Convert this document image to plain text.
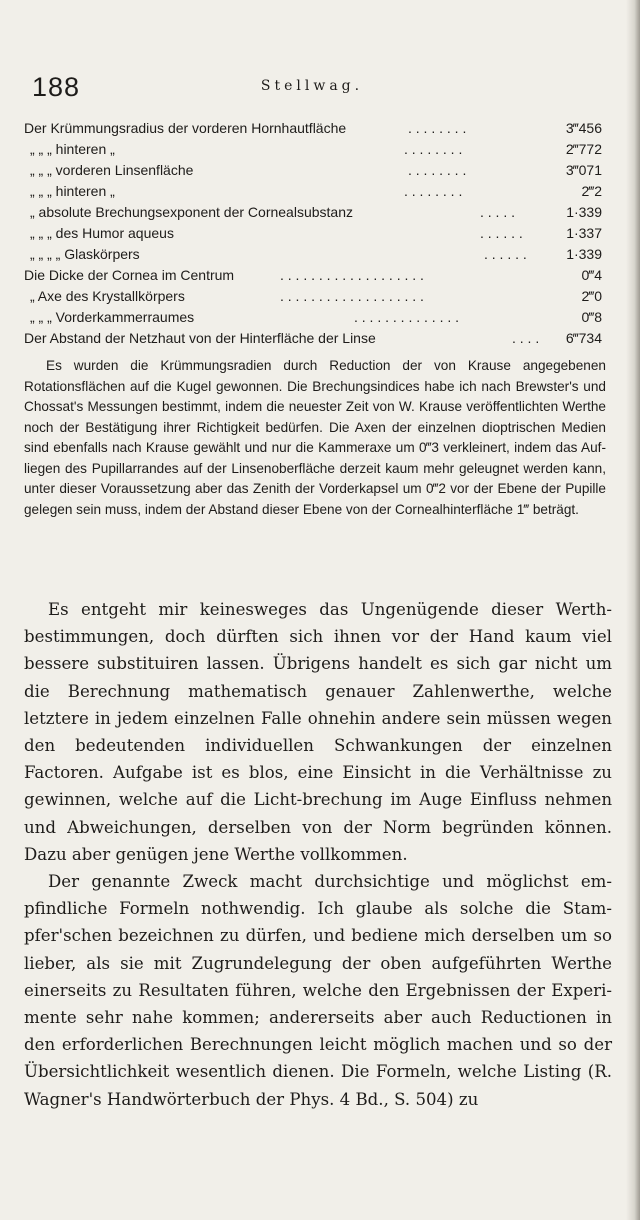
188	Stellwag.
Der Krümmungsradius der vorderen Hornhautfläche	. . . . . . . .	3‴456
„ „ „ hinteren „	. . . . . . . .	2‴772
„ „ „ vorderen Linsenfläche	. . . . . . . .	3‴071
„ „ „ hinteren „	. . . . . . . .	2‴2
„ absolute Brechungsexponent der Cornealsubstanz	. . . . .	1·339
„ „ „ des Humor aqueus	. . . . . .	1·337
„ „ „ „ Glaskörpers	. . . . . .	1·339
Die Dicke der Cornea im Centrum	. . . . . . . . . . . . . . . . . . .	0‴4
„ Axe des Krystallkörpers	. . . . . . . . . . . . . . . . . . .	2‴0
„ „ „ Vorderkammerraumes	. . . . . . . . . . . . . .	0‴8
Der Abstand der Netzhaut von der Hinterfläche der Linse	. . . . 6‴734

Es wurden die Krümmungsradien durch Reduction der von Krause angegebenen Rotationsflächen auf die Kugel gewonnen. Die Brechungsindices habe ich nach Brewster's und Chossat's Messungen bestimmt, indem die neuester Zeit von W. Krause veröffentlichten Werthe noch der Bestätigung ihrer Richtigkeit bedürfen. Die Axen der einzelnen dioptrischen Medien sind ebenfalls nach Krause gewählt und nur die Kammeraxe um 0‴3 verkleinert, indem das Auf-liegen des Pupillarrandes auf der Linsenoberfläche derzeit kaum mehr geleugnet werden kann, unter dieser Voraussetzung aber das Zenith der Vorderkapsel um 0‴2 vor der Ebene der Pupille gelegen sein muss, indem der Abstand dieser Ebene von der Cornealhinterfläche 1‴ beträgt.

Es entgeht mir keinesweges das Ungenügende dieser Werth-bestimmungen, doch dürften sich ihnen vor der Hand kaum viel bessere substituiren lassen. Übrigens handelt es sich gar nicht um die Berechnung mathematisch genauer Zahlenwerthe, welche letztere in jedem einzelnen Falle ohnehin andere sein müssen wegen den bedeutenden individuellen Schwankungen der einzelnen Factoren. Aufgabe ist es blos, eine Einsicht in die Verhältnisse zu gewinnen, welche auf die Licht-brechung im Auge Einfluss nehmen und Abweichungen, derselben von der Norm begründen können. Dazu aber genügen jene Werthe vollkommen.

Der genannte Zweck macht durchsichtige und möglichst em-pfindliche Formeln nothwendig. Ich glaube als solche die Stam-pfer'schen bezeichnen zu dürfen, und bediene mich derselben um so lieber, als sie mit Zugrundelegung der oben aufgeführten Werthe einerseits zu Resultaten führen, welche den Ergebnissen der Experi-mente sehr nahe kommen; andererseits aber auch Reductionen in den erforderlichen Berechnungen leicht möglich machen und so der Übersichtlichkeit wesentlich dienen. Die Formeln, welche Listing (R. Wagner's Handwörterbuch der Phys. 4 Bd., S. 504) zu
